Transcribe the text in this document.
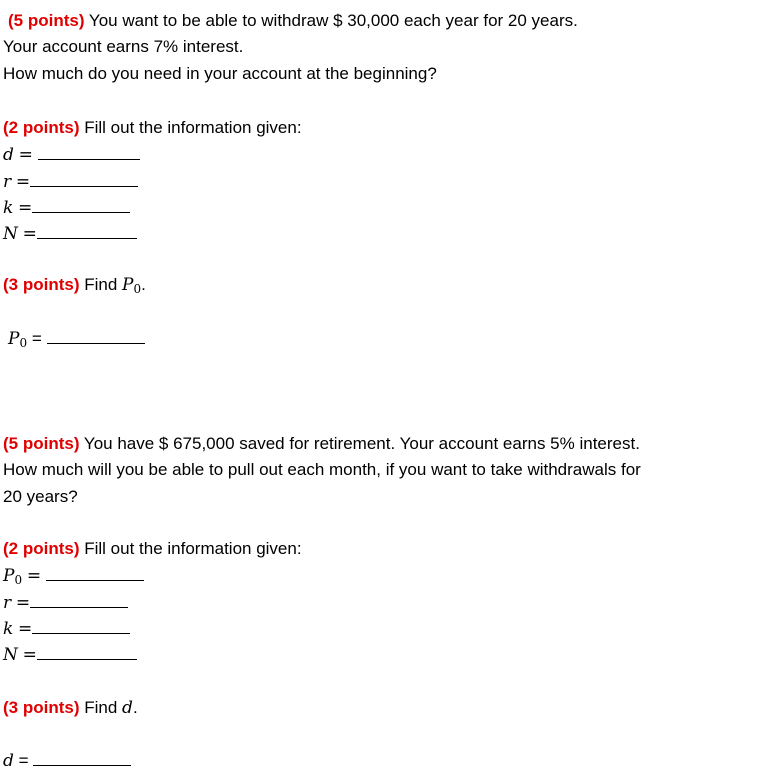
(5 points) You want to be able to withdraw $ 30,000 each year for 20 years.
Your account earns 7% interest.
How much do you need in your account at the beginning?
(2 points) Fill out the information given:
d =
r =
k =
N =
(3 points) Find P0.
P0 =
(5 points) You have $ 675,000 saved for retirement. Your account earns 5% interest.
How much will you be able to pull out each month, if you want to take withdrawals for
20 years?
(2 points) Fill out the information given:
P0 =
r =
k =
N =
(3 points) Find d.
d =
